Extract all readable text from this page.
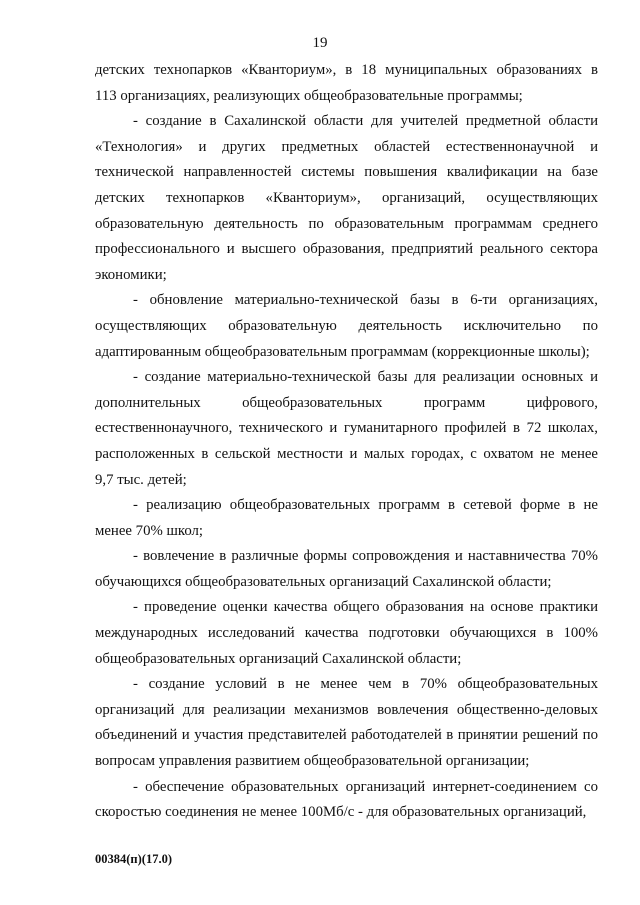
19
детских технопарков «Кванториум», в 18 муниципальных образованиях в
113 организациях, реализующих общеобразовательные программы;
- создание в Сахалинской области для учителей предметной области
«Технология» и других предметных областей естественнонаучной и
технической направленностей системы повышения квалификации на базе
детских технопарков «Кванториум», организаций, осуществляющих
образовательную деятельность по образовательным программам среднего
профессионального и высшего образования, предприятий реального сектора
экономики;
- обновление материально-технической базы в 6-ти организациях,
осуществляющих образовательную деятельность исключительно по
адаптированным общеобразовательным программам (коррекционные школы);
- создание материально-технической базы для реализации основных и
дополнительных общеобразовательных программ цифрового,
естественнонаучного, технического и гуманитарного профилей в 72 школах,
расположенных в сельской местности и малых городах, с охватом не менее
9,7 тыс. детей;
- реализацию общеобразовательных программ в сетевой форме в не
менее 70% школ;
- вовлечение в различные формы сопровождения и наставничества 70%
обучающихся общеобразовательных организаций Сахалинской области;
- проведение оценки качества общего образования на основе практики
международных исследований качества подготовки обучающихся в 100%
общеобразовательных организаций Сахалинской области;
- создание условий в не менее чем в 70% общеобразовательных
организаций для реализации механизмов вовлечения общественно-деловых
объединений и участия представителей работодателей в принятии решений по
вопросам управления развитием общеобразовательной организации;
- обеспечение образовательных организаций интернет-соединением со
скоростью соединения не менее 100Мб/с - для образовательных организаций,
00384(п)(17.0)
